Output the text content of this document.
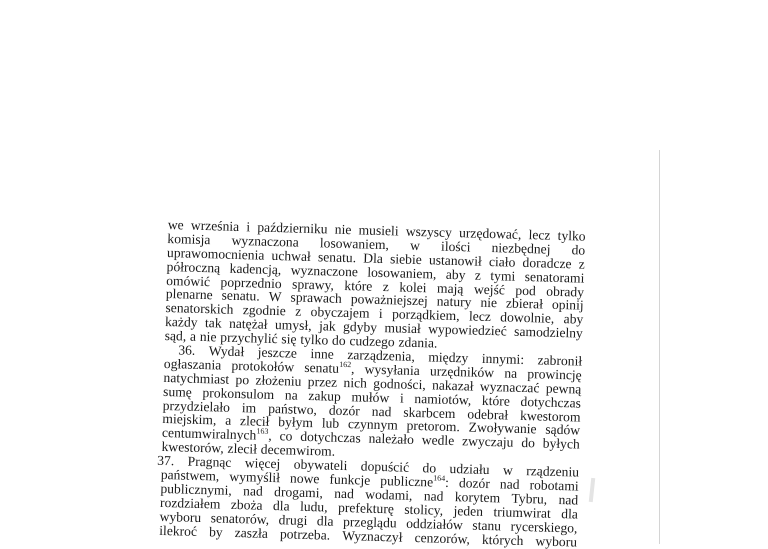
we września i październiku nie musieli wszyscy urzędować, lecz tylko
komisja wyznaczona losowaniem, w ilości niezbędnej do
uprawomocnienia uchwał senatu. Dla siebie ustanowił ciało doradcze z
półroczną kadencją, wyznaczone losowaniem, aby z tymi senatorami
omówić poprzednio sprawy, które z kolei mają wejść pod obrady
plenarne senatu. W sprawach poważniejszej natury nie zbierał opinij
senatorskich zgodnie z obyczajem i porządkiem, lecz dowolnie, aby
każdy tak natężał umysł, jak gdyby musiał wypowiedzieć samodzielny
sąd, a nie przychylić się tylko do cudzego zdania.
36. Wydał jeszcze inne zarządzenia, między innymi: zabronił
ogłaszania protokołów senatu$^{162}$, wysyłania urzędników na prowincję
natychmiast po złożeniu przez nich godności, nakazał wyznaczać pewną
sumę prokonsulom na zakup mułów i namiotów, które dotychczas
przydzielało im państwo, dozór nad skarbcem odebrał kwestorom
miejskim, a zlecił byłym lub czynnym pretorom. Zwoływanie sądów
centumwiralnych$^{163}$, co dotychczas należało wedle zwyczaju do byłych
kwestorów, zlecił decemwirom.
37. Pragnąc więcej obywateli dopuścić do udziału w rządzeniu
państwem, wymyślił nowe funkcje publiczne$^{164}$: dozór nad robotami
publicznymi, nad drogami, nad wodami, nad korytem Tybru, nad
rozdziałem zboża dla ludu, prefekturę stolicy, jeden triumwirat dla
wyboru senatorów, drugi dla przeglądu oddziałów stanu rycerskiego,
ilekroć by zaszła potrzeba. Wyznaczył cenzorów, których wyboru
